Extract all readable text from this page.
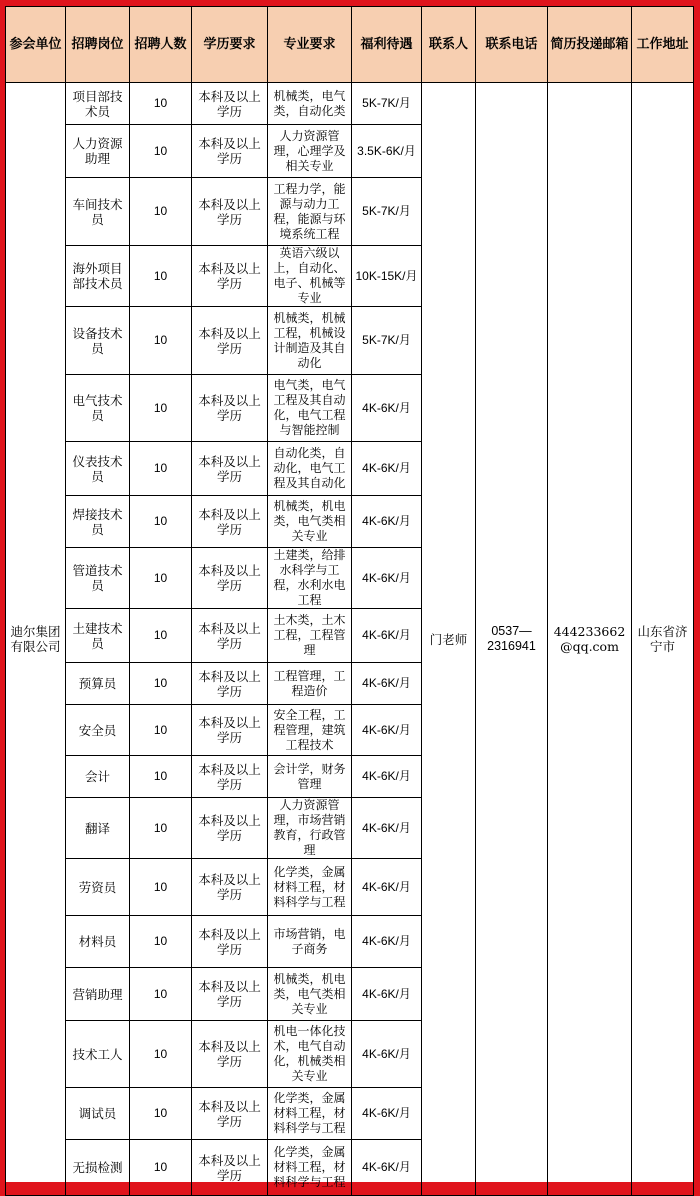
参会单位	招聘岗位	招聘人数	学历要求	专业要求	福利待遇	联系人	联系电话	简历投递邮箱	工作地址
迪尔集团有限公司	项目部技术员	10	本科及以上学历	机械类，电气类，自动化类	5K-7K/月	门老师	0537—2316941	444233662@qq.com	山东省济宁市
	人力资源助理	10	本科及以上学历	人力资源管理，心理学及相关专业	3.5K-6K/月				
	车间技术员	10	本科及以上学历	工程力学，能源与动力工程，能源与环境系统工程	5K-7K/月				
	海外项目部技术员	10	本科及以上学历	英语六级以上，自动化、电子、机械等专业	10K-15K/月				
	设备技术员	10	本科及以上学历	机械类，机械工程，机械设计制造及其自动化	5K-7K/月				
	电气技术员	10	本科及以上学历	电气类，电气工程及其自动化，电气工程与智能控制	4K-6K/月				
	仪表技术员	10	本科及以上学历	自动化类，自动化，电气工程及其自动化	4K-6K/月				
	焊接技术员	10	本科及以上学历	机械类，机电类，电气类相关专业	4K-6K/月				
	管道技术员	10	本科及以上学历	土建类，给排水科学与工程，水利水电工程	4K-6K/月				
	土建技术员	10	本科及以上学历	土木类，土木工程，工程管理	4K-6K/月				
	预算员	10	本科及以上学历	工程管理，工程造价	4K-6K/月				
	安全员	10	本科及以上学历	安全工程，工程管理，建筑工程技术	4K-6K/月				
	会计	10	本科及以上学历	会计学，财务管理	4K-6K/月				
	翻译	10	本科及以上学历	人力资源管理，市场营销教育，行政管理	4K-6K/月				
	劳资员	10	本科及以上学历	化学类，金属材料工程，材料科学与工程	4K-6K/月				
	材料员	10	本科及以上学历	市场营销，电子商务	4K-6K/月				
	营销助理	10	本科及以上学历	机械类，机电类，电气类相关专业	4K-6K/月				
	技术工人	10	本科及以上学历	机电一体化技术，电气自动化，机械类相关专业	4K-6K/月				
	调试员	10	本科及以上学历	化学类，金属材料工程，材料科学与工程	4K-6K/月				
	无损检测	10	本科及以上学历	化学类，金属材料工程，材料科学与工程	4K-6K/月				
